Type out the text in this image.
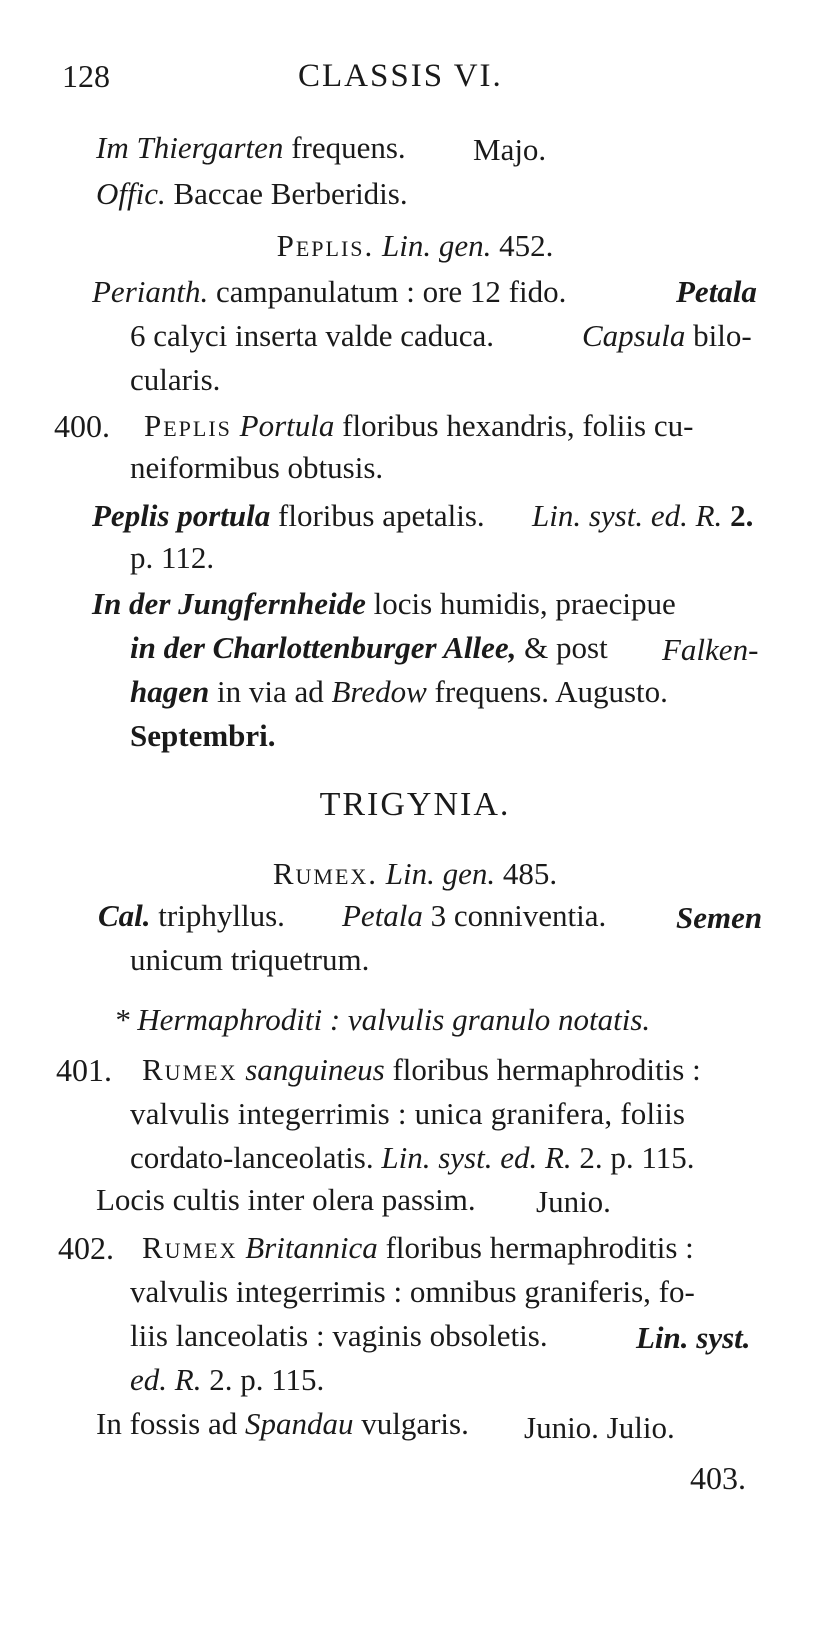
128	CLASSIS VI.
Im Thiergarten frequens. Majo.
Offic. Baccae Berberidis.
Peplis. Lin. gen. 452.
Perianth. campanulatum : ore 12 fido.	Petala
6 calyci inserta valde caduca.	Capsula bilo-
cularis.
400. Peplis Portula floribus hexandris, foliis cu-
neiformibus obtusis.
Peplis portula floribus apetalis. Lin. syst. ed. R. 2.
p. 112.
In der Jungfernheide locis humidis, praecipue
in der Charlottenburger Allee, & post Falken-
hagen in via ad Bredow frequens. Augusto.
Septembri.
TRIGYNIA.
Rumex. Lin. gen. 485.
Cal. triphyllus. Petala 3 conniventia. Semen
unicum triquetrum.
* Hermaphroditi : valvulis granulo notatis.
401. Rumex sanguineus floribus hermaphroditis :
valvulis integerrimis : unica granifera, foliis
cordato-lanceolatis. Lin. syst. ed. R. 2. p. 115.
Locis cultis inter olera passim. Junio.
402. Rumex Britannica floribus hermaphroditis :
valvulis integerrimis : omnibus graniferis, fo-
liis lanceolatis : vaginis obsoletis.	Lin. syst.
ed. R. 2. p. 115.
In fossis ad Spandau vulgaris. Junio. Julio.
403.
